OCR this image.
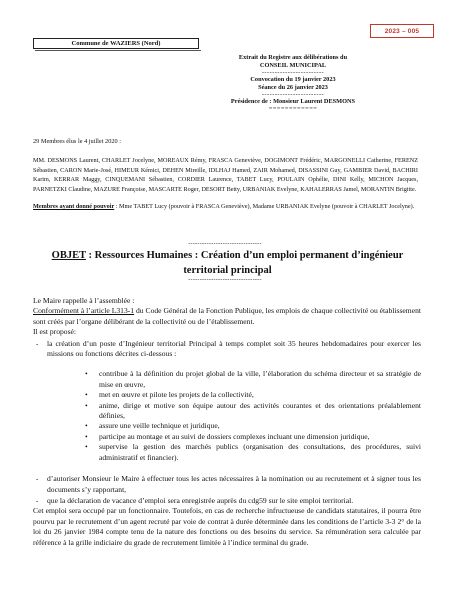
2023 – 005
Commune de WAZIERS (Nord)
Extrait du Registre aux délibérations du
CONSEIL MUNICIPAL
------------------------
Convocation du 19 janvier 2023
Séance du 26 janvier 2023
------------------------
Présidence de : Monsieur Laurent DESMONS
============
29 Membres élus le 4 juillet 2020 :
MM. DESMONS Laurent, CHARLET Jocelyne, MOREAUX Rémy, FRASCA Geneviève, DOGIMONT Frédéric, MARGONELLI Catherine, FERENZ Sébastien, CARON Marie-José, HIMEUR Kémici, DEHEN Mireille, IDLHAJ Hamed, ZAIR Mohamed, DISASSINI Guy, GAMBIER David, BACHIRI Karim, KERRAR Maggy, CINQUEMANI Sébastien, CORDIER Laurence, TABET Lucy, POULAIN Ophélie, DINI Kelly, MICHON Jacques, PARNETZKI Claudine, MAZURE Françoise, MASCARTE Roger, DESORT Betty, URBANIAK Evelyne, KAHALERRAS Jamel, MORANTIN Brigitte.
Membres ayant donné pouvoir : Mme TABET Lucy (pouvoir à FRASCA Geneviève), Madame URBANIAK Evelyne (pouvoir à CHARLET Jocelyne).
--------------------------------
OBJET : Ressources Humaines : Création d’un emploi permanent d’ingénieur territorial principal
--------------------------------

Le Maire rappelle à l’assemblée :

Conformément à l’article L313-1 du Code Général de la Fonction Publique, les emplois de chaque collectivité ou établissement sont créés par l’organe délibérant de la collectivité ou de l’établissement.

Il est proposé:

-	la création d’un poste d’Ingénieur territorial Principal à temps complet soit 35 heures hebdomadaires pour exercer les missions ou fonctions décrites ci-dessous :
• contribue à la définition du projet global de la ville, l’élaboration du schéma directeur et sa stratégie de mise en œuvre,
• met en œuvre et pilote les projets de la collectivité,
• anime, dirige et motive son équipe autour des activités courantes et des orientations préalablement définies,
• assure une veille technique et juridique,
• participe au montage et au suivi de dossiers complexes incluant une dimension juridique,
• supervise la gestion des marchés publics (organisation des consultations, des procédures, suivi administratif et financier).
-	d’autoriser Monsieur le Maire à effectuer tous les actes nécessaires à la nomination ou au recrutement et à signer tous les documents s’y rapportant,
-	que la déclaration de vacance d’emploi sera enregistrée auprès du cdg59 sur le site emploi territorial.

Cet emploi sera occupé par un fonctionnaire. Toutefois, en cas de recherche infructueuse de candidats statutaires, il pourra être pourvu par le recrutement d’un agent recruté par voie de contrat à durée déterminée dans les conditions de l’article 3-3 2° de la loi du 26 janvier 1984 compte tenu de la nature des fonctions ou des besoins du service. Sa rémunération sera calculée par référence à la grille indiciaire du grade de recrutement limitée à l’indice terminal du grade.
